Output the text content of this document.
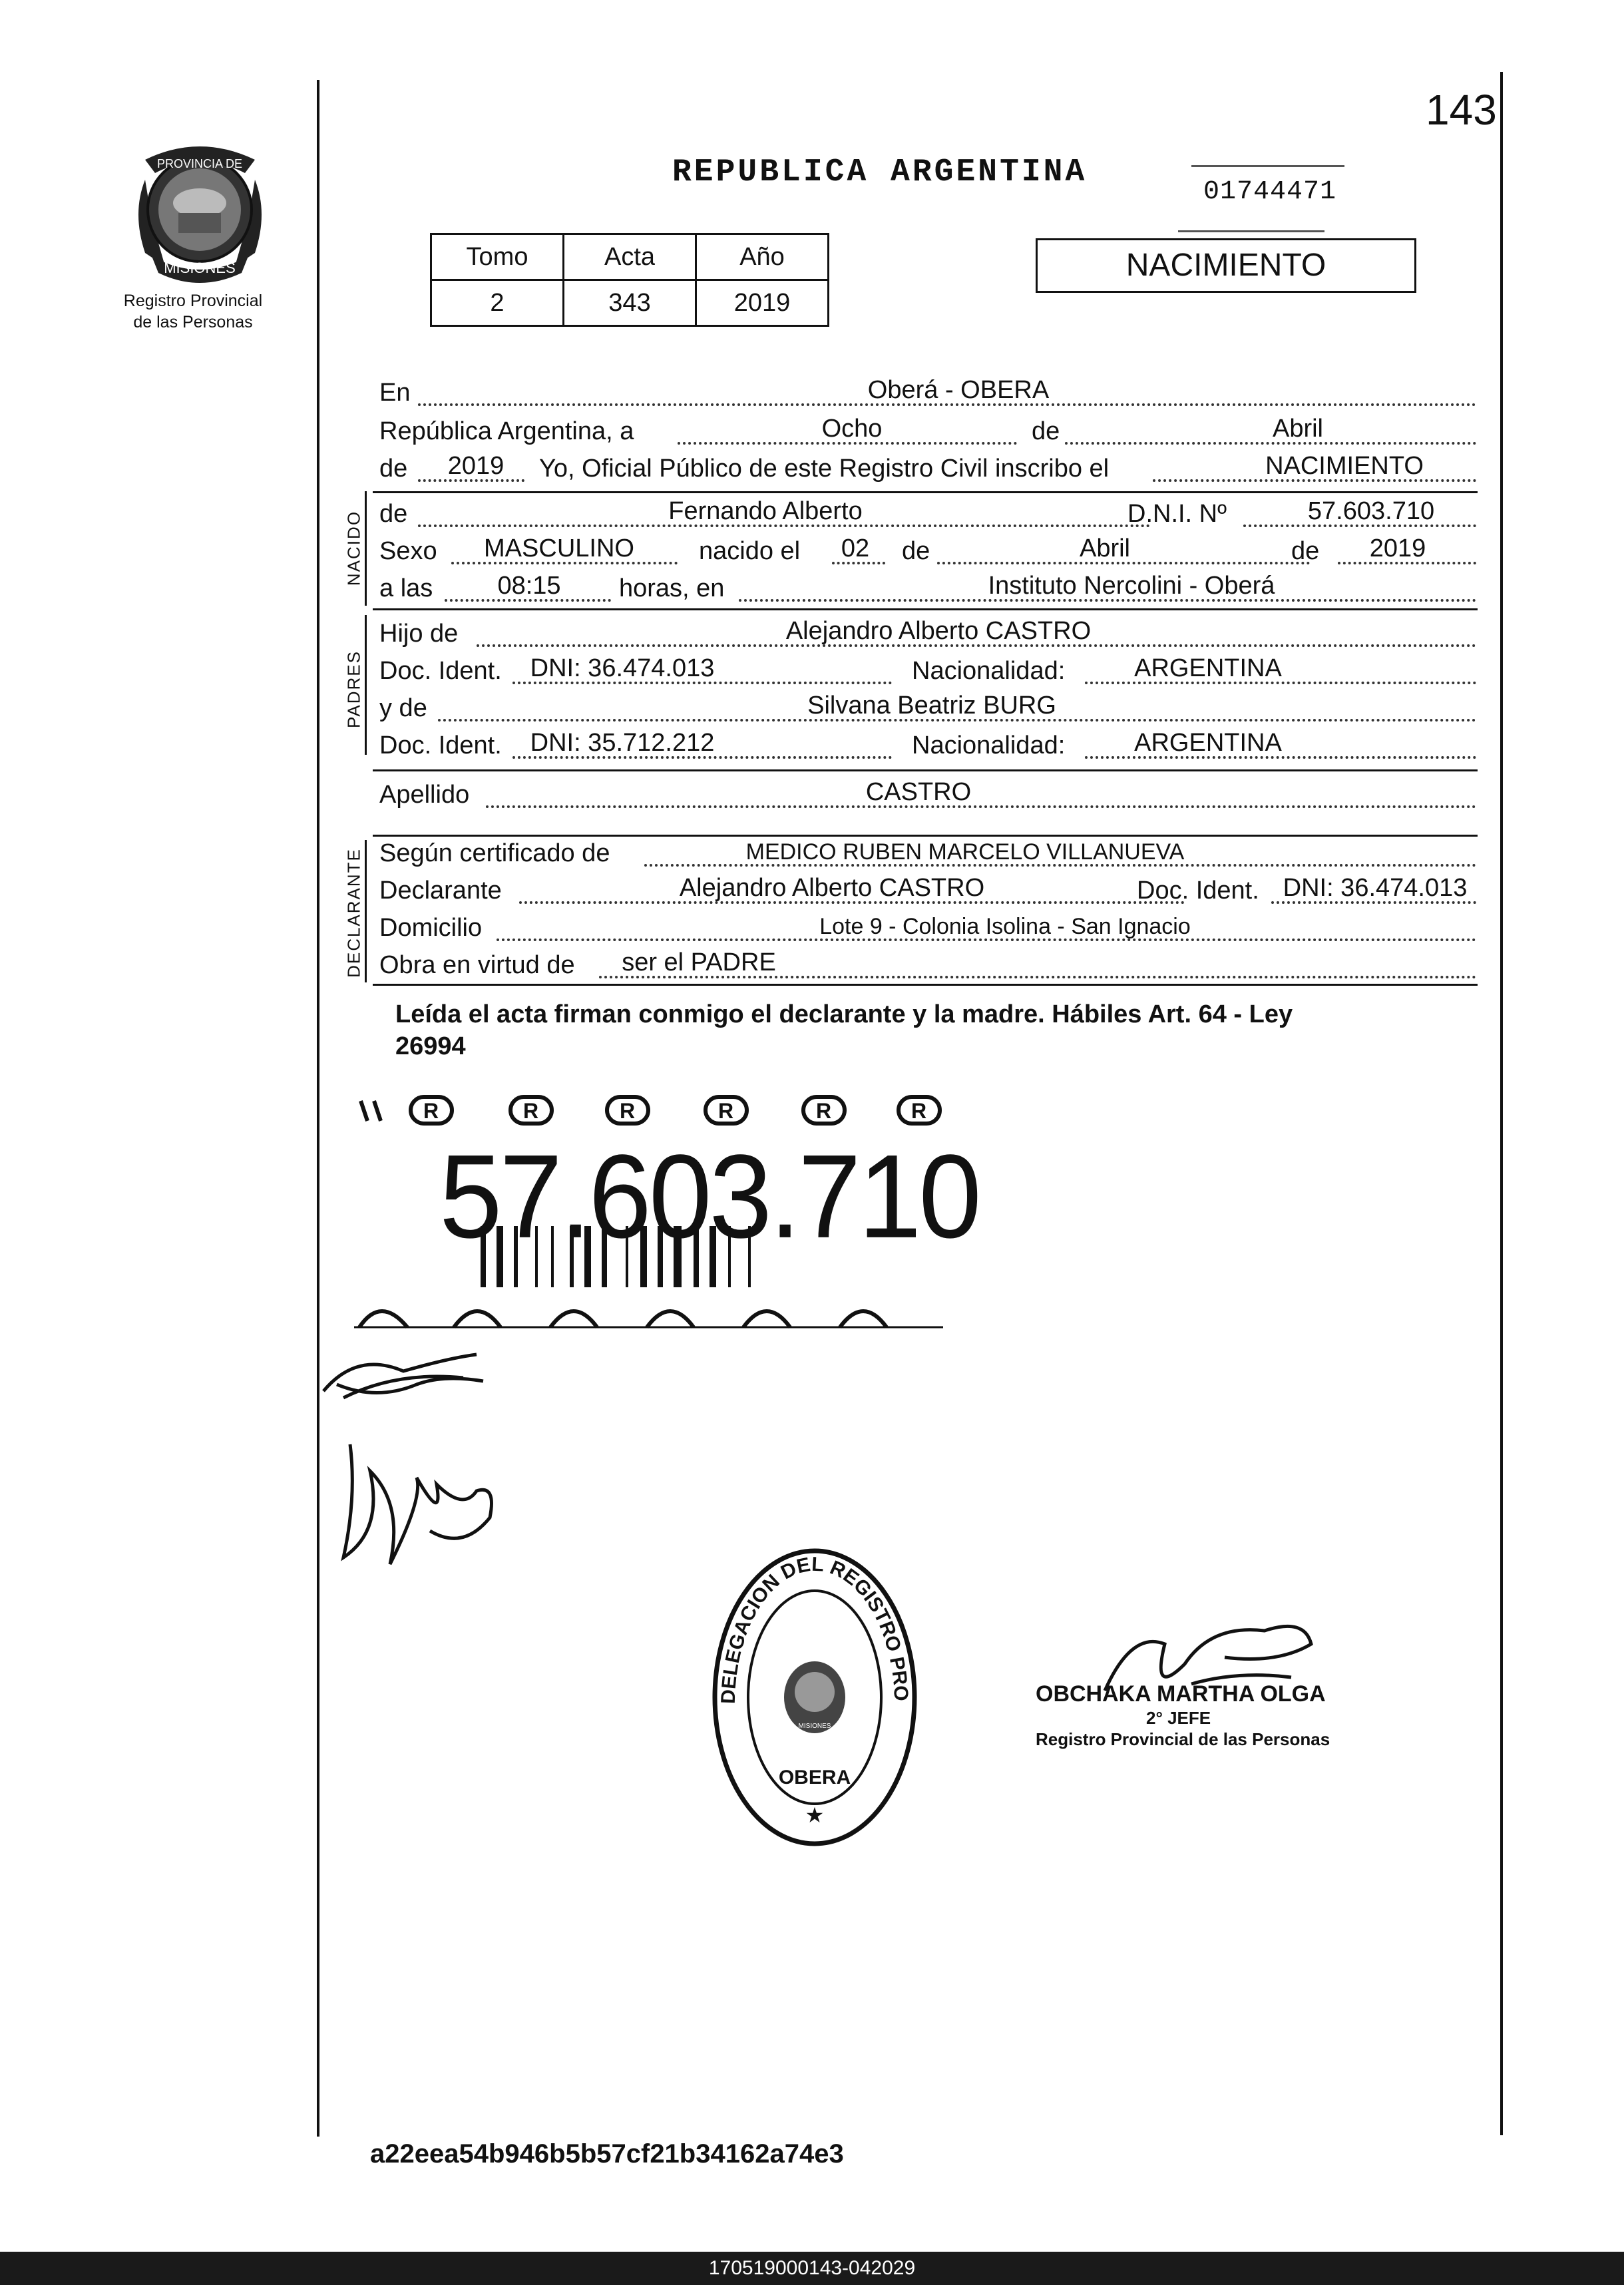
143
PROVINCIA DE
MISIONES
Registro Provincial
de las Personas
REPUBLICA ARGENTINA
01744471
Tomo	Acta	Año
2	343	2019
NACIMIENTO
En	Oberá - OBERA
República Argentina, a	Ocho	de	Abril
de	2019	Yo, Oficial Público de este Registro Civil inscribo el	NACIMIENTO
NACIDO de	Fernando Alberto	D.N.I. Nº	57.603.710
Sexo	MASCULINO	nacido el	02	de	Abril	de	2019
a las	08:15	horas, en	Instituto Nercolini - Oberá
PADRES
Hijo de	Alejandro Alberto CASTRO
Doc. Ident.	DNI: 36.474.013	Nacionalidad:	ARGENTINA
y de	Silvana Beatriz BURG
Doc. Ident.	DNI: 35.712.212	Nacionalidad:	ARGENTINA
Apellido	CASTRO
DECLARANTE Según certificado de	MEDICO RUBEN MARCELO VILLANUEVA
Declarante	Alejandro Alberto CASTRO	Doc. Ident. DNI: 36.474.013
Domicilio	Lote 9 - Colonia Isolina - San Ignacio
Obra en virtud de	ser el PADRE
Leída el acta firman conmigo el declarante y la madre. Hábiles Art. 64 - Ley
26994
R	R	R	R	R	R
57.603.710
DELEGACION DEL REGISTRO PRO
MISIONES
OBERA
★
OBCHAKA MARTHA OLGA
2° JEFE
Registro Provincial de las Personas
a22eea54b946b5b57cf21b34162a74e3
170519000143-042029
